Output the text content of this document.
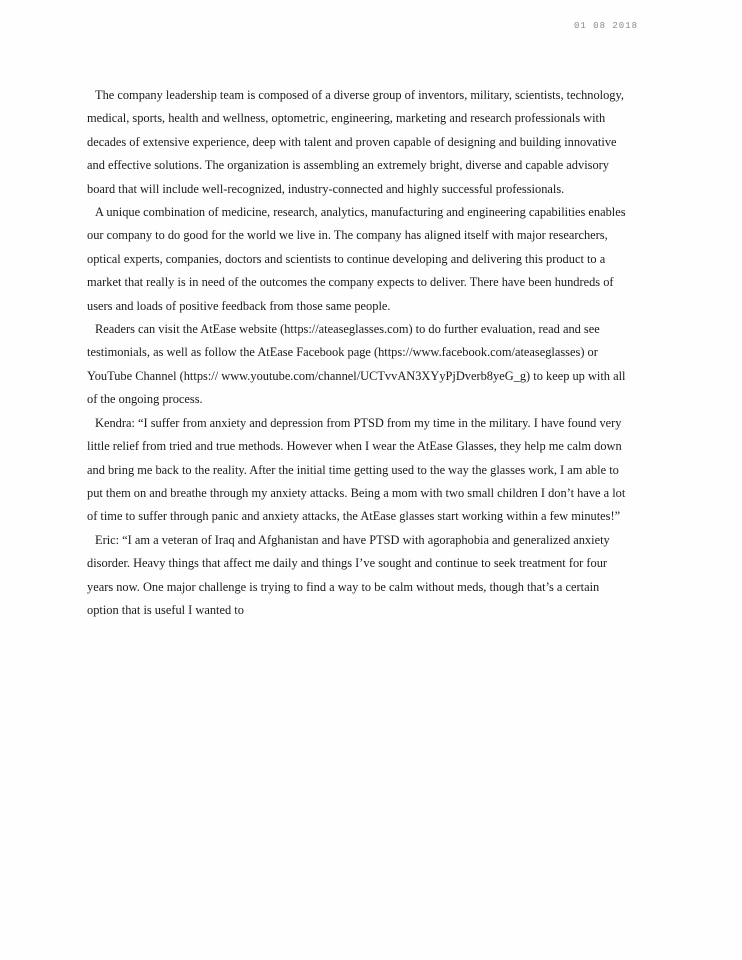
01 08 2018

The company leadership team is composed of a diverse group of inventors, military, scientists, technology, medical, sports, health and wellness, optometric, engineering, marketing and research professionals with decades of extensive experience, deep with talent and proven capable of designing and building innovative and effective solutions. The organization is assembling an extremely bright, diverse and capable advisory board that will include well-recognized, industry-connected and highly successful professionals.

A unique combination of medicine, research, analytics, manufacturing and engineering capabilities enables our company to do good for the world we live in. The company has aligned itself with major researchers, optical experts, companies, doctors and scientists to continue developing and delivering this product to a market that really is in need of the outcomes the company expects to deliver. There have been hundreds of users and loads of positive feedback from those same people.

Readers can visit the AtEase website (https://ateaseglasses.com) to do further evaluation, read and see testimonials, as well as follow the AtEase Facebook page (https://www.facebook.com/ateaseglasses) or YouTube Channel (https:// www.youtube.com/channel/UCTvvAN3XYyPjDverb8yeG_g) to keep up with all of the ongoing process.

Kendra: “I suffer from anxiety and depression from PTSD from my time in the military. I have found very little relief from tried and true methods. However when I wear the AtEase Glasses, they help me calm down and bring me back to the reality. After the initial time getting used to the way the glasses work, I am able to put them on and breathe through my anxiety attacks. Being a mom with two small children I don’t have a lot of time to suffer through panic and anxiety attacks, the AtEase glasses start working within a few minutes!”

Eric: “I am a veteran of Iraq and Afghanistan and have PTSD with agoraphobia and generalized anxiety disorder. Heavy things that affect me daily and things I’ve sought and continue to seek treatment for four years now. One major challenge is trying to find a way to be calm without meds, though that’s a certain option that is useful I wanted to
